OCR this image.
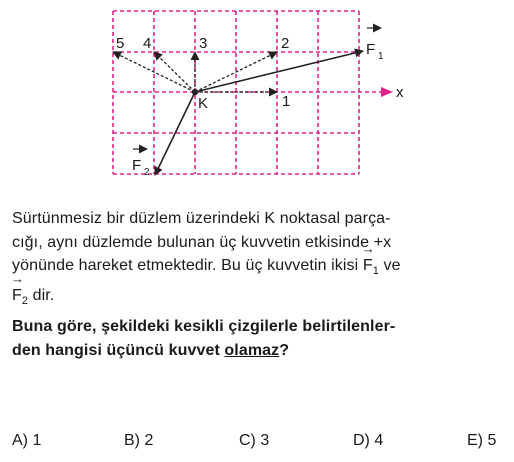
x
K	1
2
3
4
5	F 1
F 2

Sürtünmesiz bir düzlem üzerindeki K noktasal parça-

cığı, aynı düzlemde bulunan üç kuvvetin etkisinde +x

yönünde hareket etmektedir. Bu üç kuvvetin ikisi → $F_1$ ve

→ $F_2$ dir.

Buna göre, şekildeki kesikli çizgilerle belirtilenler-
den hangisi üçüncü kuvvet olamaz?

A) 1	B) 2	C) 3	D) 4	E) 5
